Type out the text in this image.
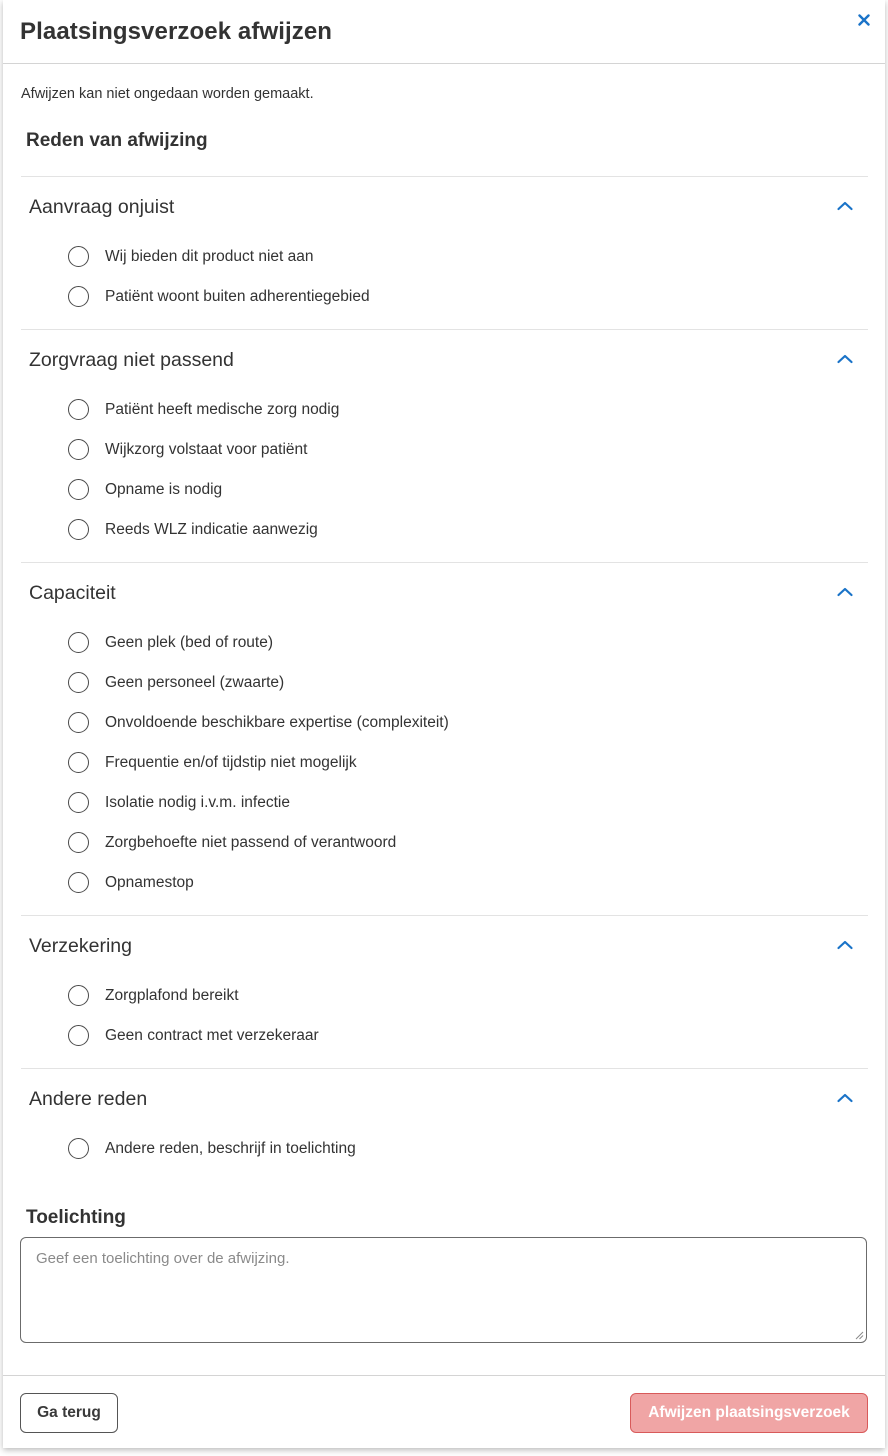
Plaatsingsverzoek afwijzen

Afwijzen kan niet ongedaan worden gemaakt.

Reden van afwijzing
Aanvraag onjuist
Wij bieden dit product niet aan
Patiënt woont buiten adherentiegebied
Zorgvraag niet passend
Patiënt heeft medische zorg nodig
Wijkzorg volstaat voor patiënt
Opname is nodig
Reeds WLZ indicatie aanwezig
Capaciteit
Geen plek (bed of route)
Geen personeel (zwaarte)
Onvoldoende beschikbare expertise (complexiteit)
Frequentie en/of tijdstip niet mogelijk
Isolatie nodig i.v.m. infectie
Zorgbehoefte niet passend of verantwoord
Opnamestop
Verzekering
Zorgplafond bereikt
Geen contract met verzekeraar
Andere reden
Andere reden, beschrijf in toelichting
Toelichting
Geef een toelichting over de afwijzing.
Ga terug	Afwijzen plaatsingsverzoek
